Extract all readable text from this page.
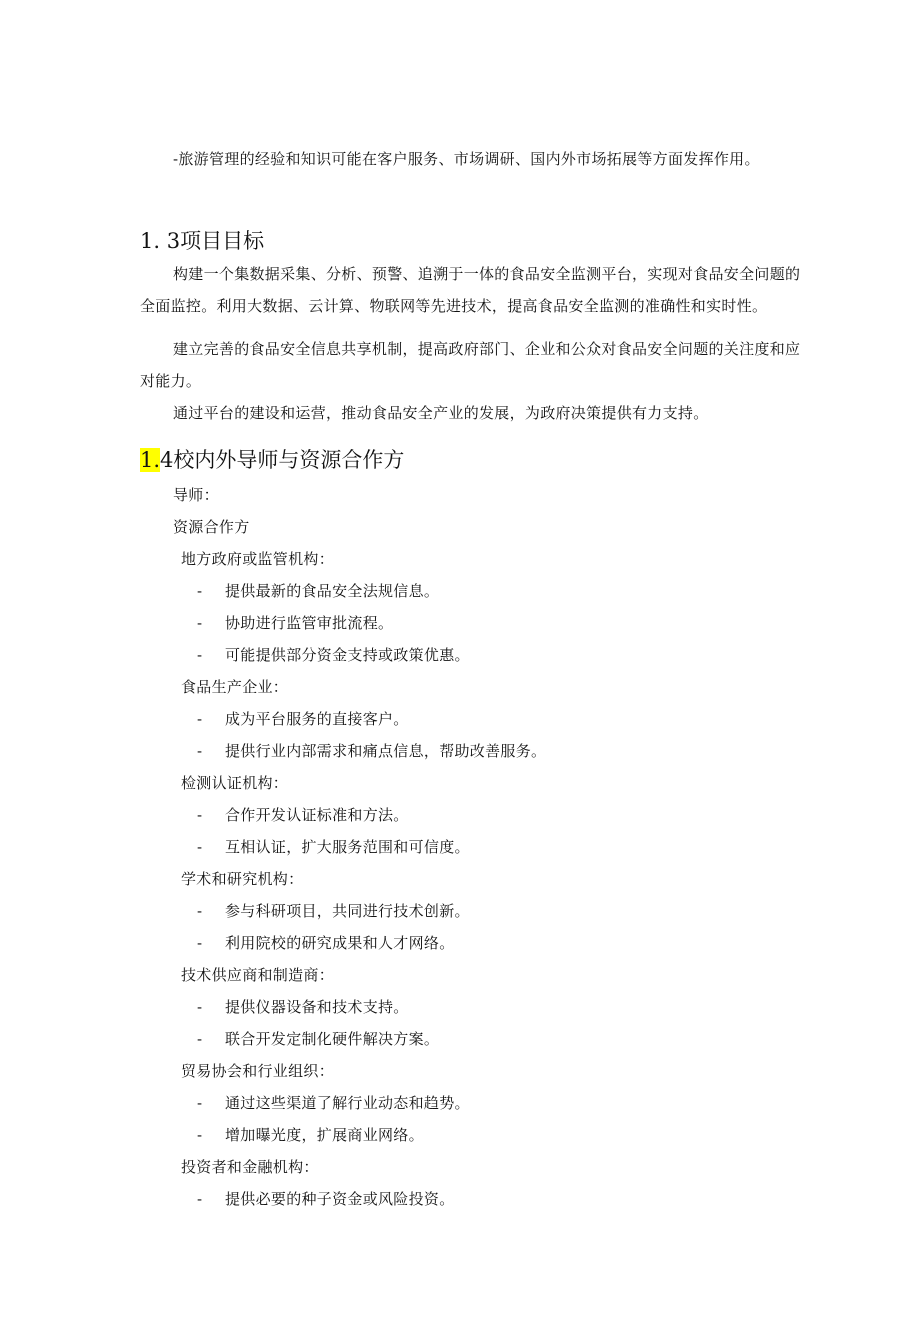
-旅游管理的经验和知识可能在客户服务、市场调研、国内外市场拓展等方面发挥作用。
1. 3项目目标
构建一个集数据采集、分析、预警、追溯于一体的食品安全监测平台，实现对食品安全问题的
全面监控。利用大数据、云计算、物联网等先进技术，提高食品安全监测的准确性和实时性。
建立完善的食品安全信息共享机制，提高政府部门、企业和公众对食品安全问题的关注度和应
对能力。
通过平台的建设和运营，推动食品安全产业的发展，为政府决策提供有力支持。
1.4校内外导师与资源合作方
导师：
资源合作方
地方政府或监管机构：
- 提供最新的食品安全法规信息。
- 协助进行监管审批流程。
- 可能提供部分资金支持或政策优惠。
食品生产企业：
- 成为平台服务的直接客户。
- 提供行业内部需求和痛点信息，帮助改善服务。
检测认证机构：
- 合作开发认证标准和方法。
- 互相认证，扩大服务范围和可信度。
学术和研究机构：
- 参与科研项目，共同进行技术创新。
- 利用院校的研究成果和人才网络。
技术供应商和制造商：
- 提供仪器设备和技术支持。
- 联合开发定制化硬件解决方案。
贸易协会和行业组织：
- 通过这些渠道了解行业动态和趋势。
- 增加曝光度，扩展商业网络。
投资者和金融机构：
- 提供必要的种子资金或风险投资。
